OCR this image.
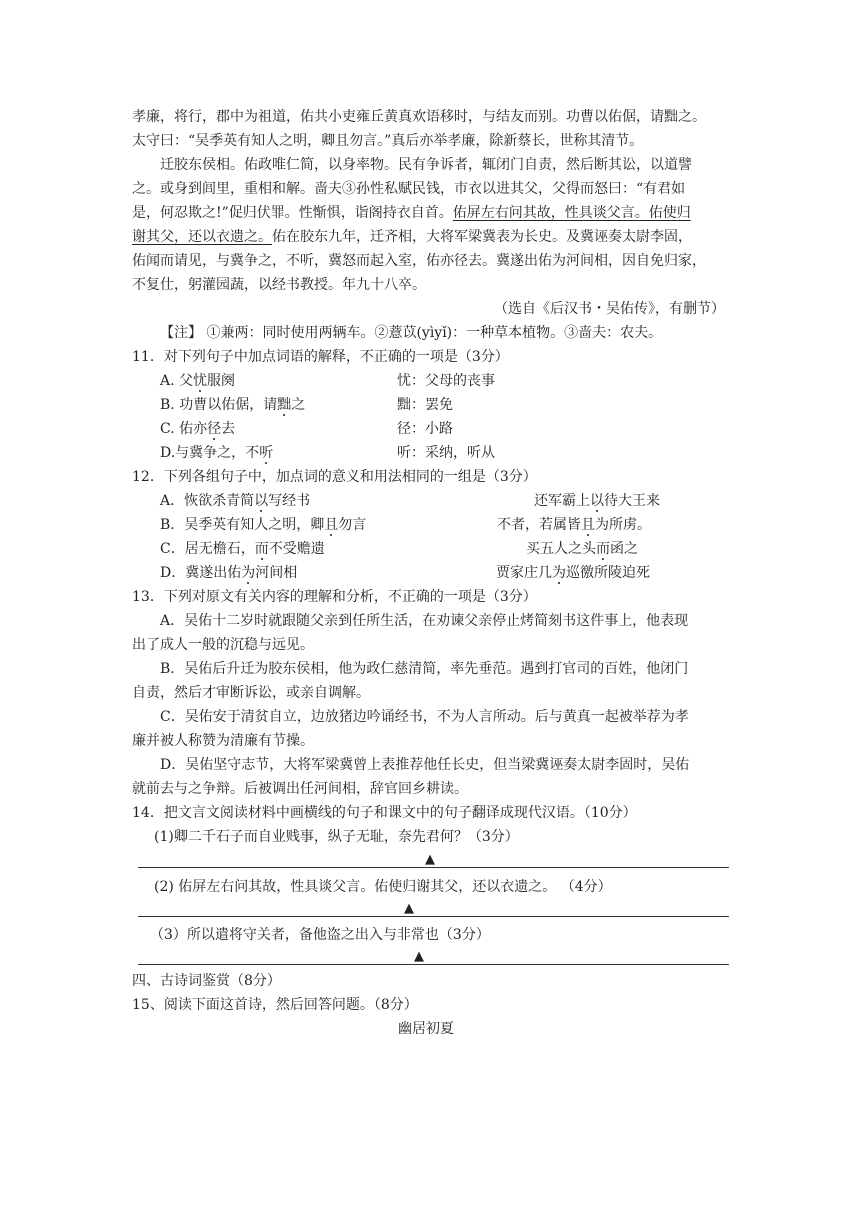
孝廉，将行，郡中为祖道，佑共小吏雍丘黄真欢语移时，与结友而别。功曹以佑倨，请黜之。
太守曰：“吴季英有知人之明，卿且勿言。”真后亦举孝廉，除新蔡长，世称其清节。
迁胶东侯相。佑政唯仁简，以身率物。民有争诉者，辄闭门自责，然后断其讼，以道譬
之。或身到闾里，重相和解。啬夫③孙性私赋民钱，市衣以进其父，父得而怒曰：“有君如
是，何忍欺之!”促归伏罪。性惭惧，诣阁持衣自首。佑屏左右问其故，性具谈父言。佑使归
谢其父，还以衣遗之。佑在胶东九年，迁齐相，大将军梁冀表为长史。及冀诬奏太尉李固，
佑闻而请见，与冀争之，不听，冀怒而起入室，佑亦径去。冀遂出佑为河间相，因自免归家，
不复仕，躬灌园蔬，以经书教授。年九十八卒。
（选自《后汉书・吴佑传》，有删节）
【注】 ①兼两：同时使用两辆车。②薏苡(yìyǐ)：一种草本植物。③啬夫：农夫。
11．对下列句子中加点词语的解释，不正确的一项是（3分）
A. 父忧服阕	忧：父母的丧事
B. 功曹以佑倨，请黜之	黜：罢免
C. 佑亦径去	径：小路
D.与冀争之，不听	听：采纳，听从
12．下列各组句子中，加点词的意义和用法相同的一组是（3分）
A．恢欲杀青简以写经书	还军霸上以待大王来
B．吴季英有知人之明，卿且勿言	不者，若属皆且为所虏。
C．居无檐石，而不受赡遗	买五人之头而函之
D．冀遂出佑为河间相	贾家庄几为巡徼所陵迫死
13．下列对原文有关内容的理解和分析，不正确的一项是（3分）
A．吴佑十二岁时就跟随父亲到任所生活，在劝谏父亲停止烤简刻书这件事上，他表现
出了成人一般的沉稳与远见。
B．吴佑后升迁为胶东侯相，他为政仁慈清简，率先垂范。遇到打官司的百姓，他闭门
自责，然后才审断诉讼，或亲自调解。
C．吴佑安于清贫自立，边放猪边吟诵经书，不为人言所动。后与黄真一起被举荐为孝
廉并被人称赞为清廉有节操。
D．吴佑坚守志节，大将军梁冀曾上表推荐他任长史，但当梁冀诬奏太尉李固时，吴佑
就前去与之争辩。后被调出任河间相，辞官回乡耕读。
14．把文言文阅读材料中画横线的句子和课文中的句子翻译成现代汉语。（10分）
(1)卿二千石子而自业贱事，纵子无耻，奈先君何？（3分）
▲
(2) 佑屏左右问其故，性具谈父言。佑使归谢其父，还以衣遗之。 （4分）
▲
（3）所以遣将守关者，备他盗之出入与非常也（3分）
▲
四、古诗词鉴赏（8分）
15、阅读下面这首诗，然后回答问题。（8分）
幽居初夏
